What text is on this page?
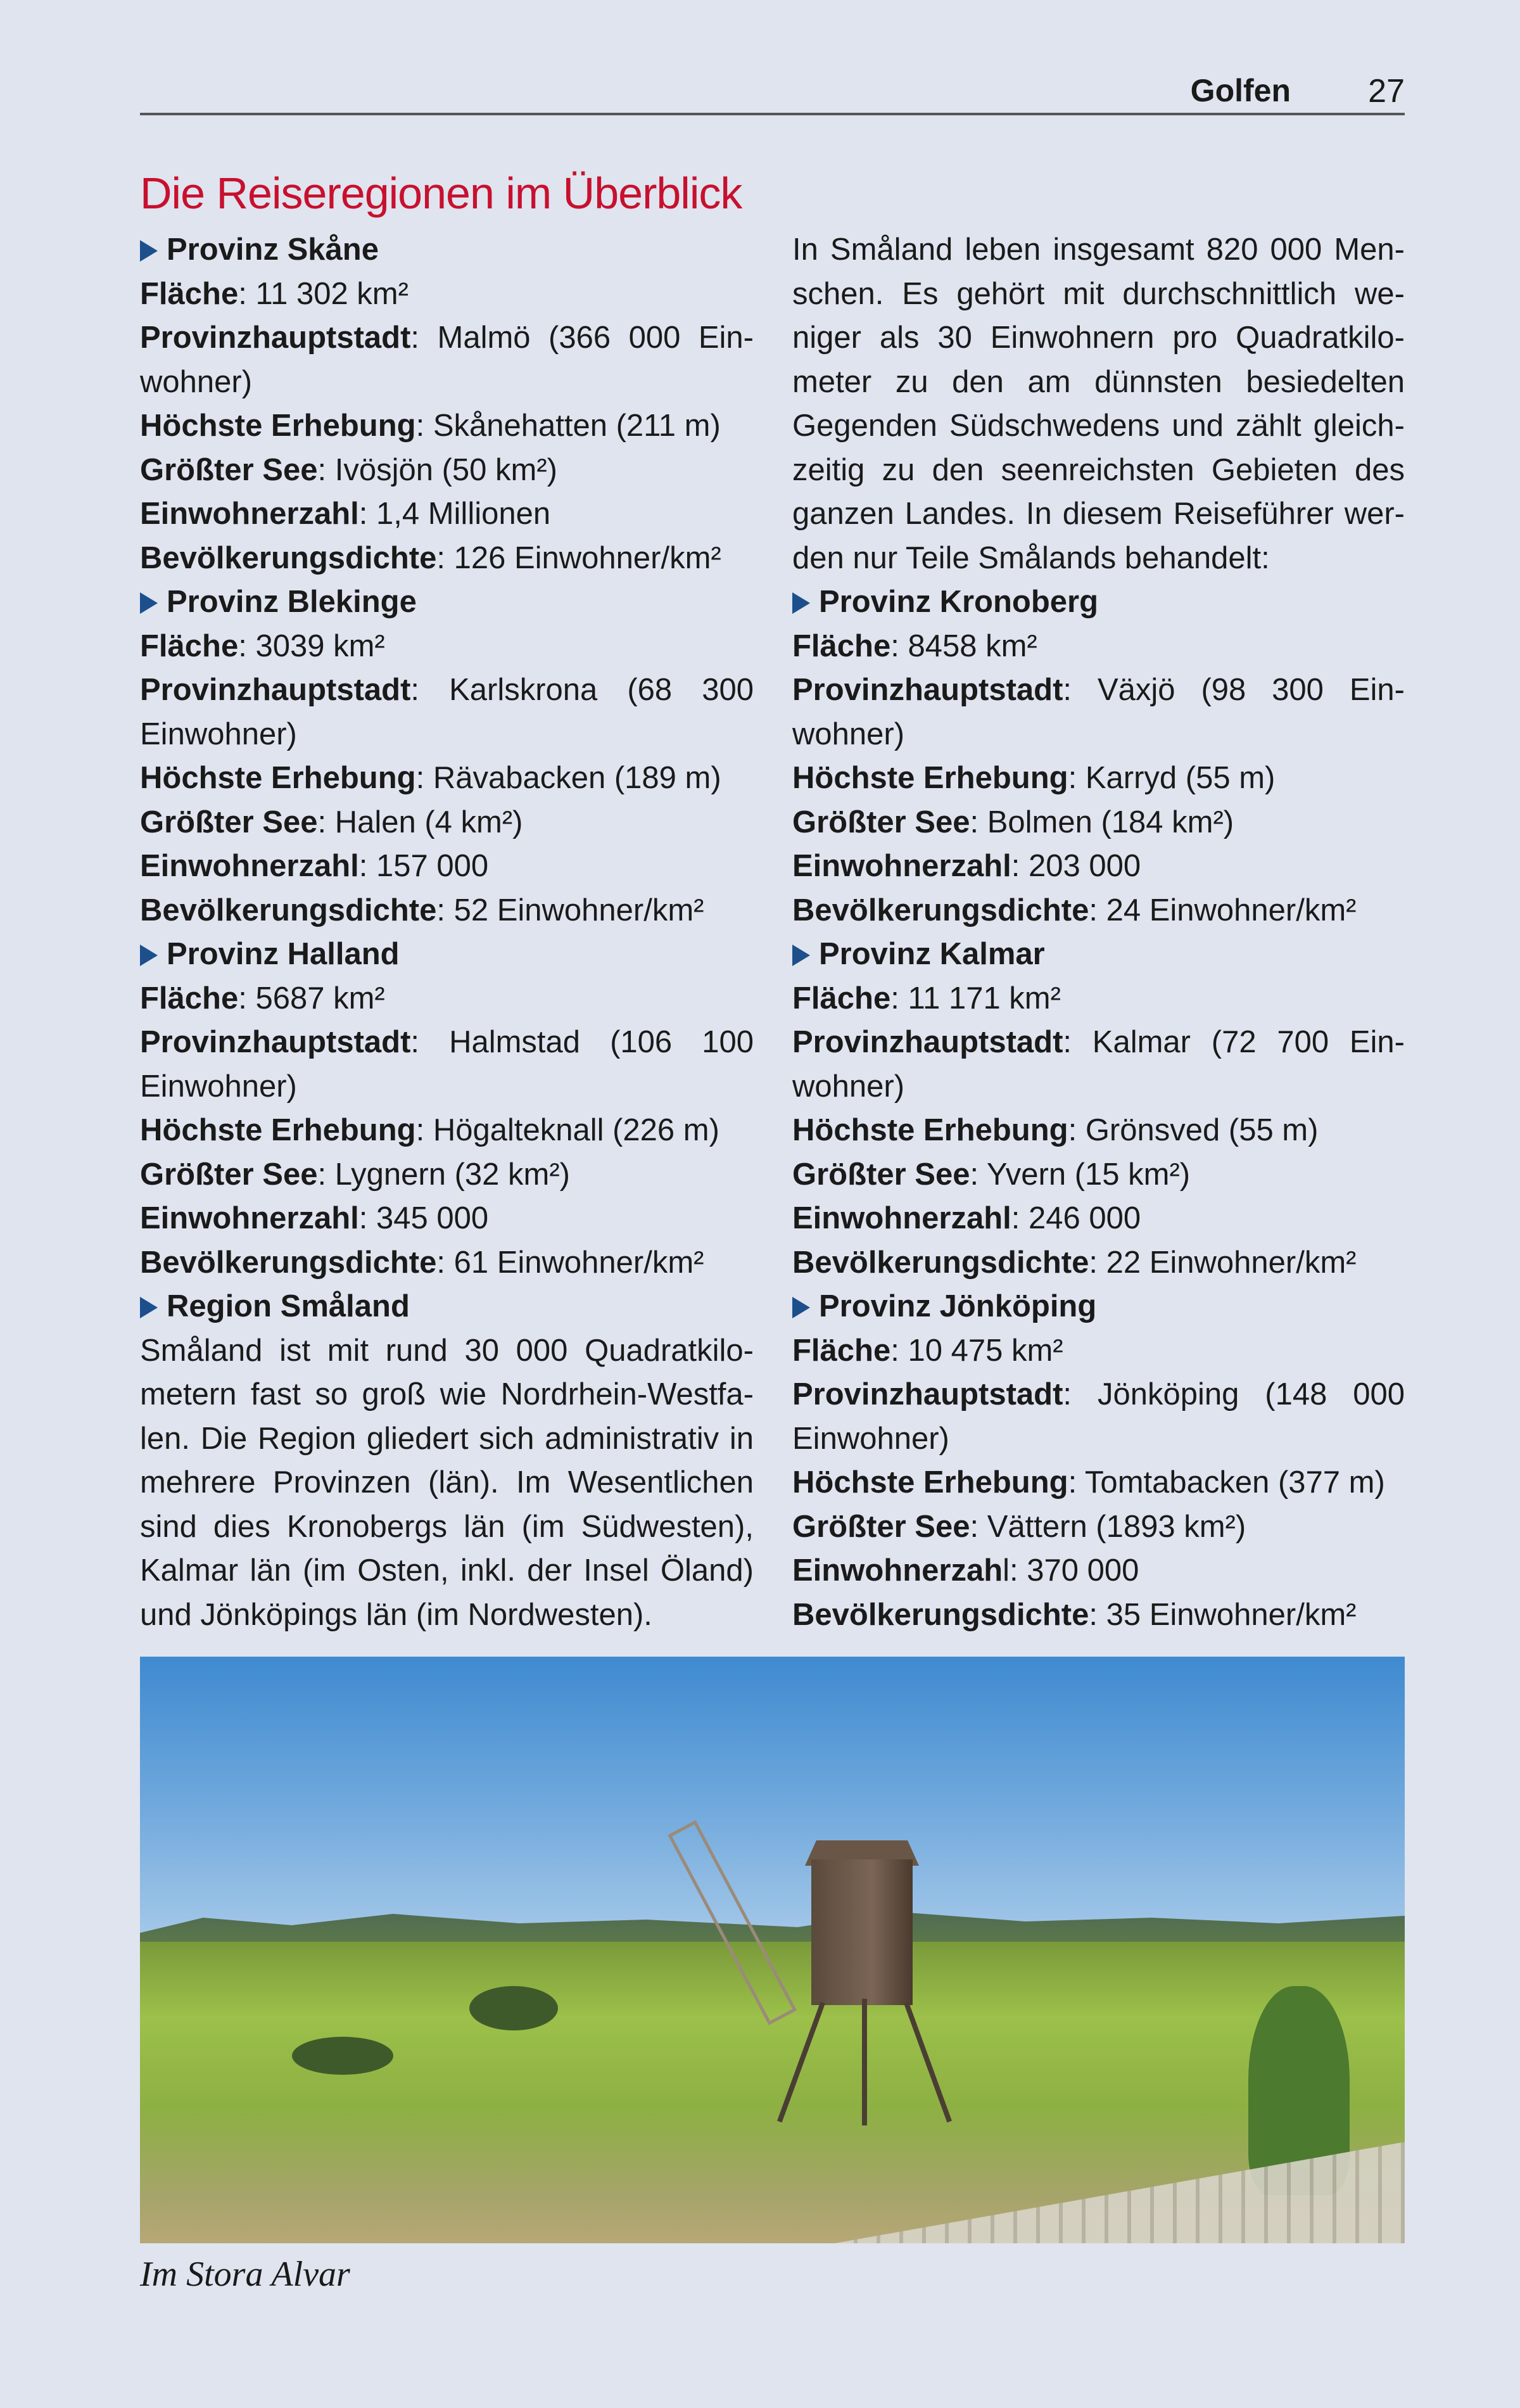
Golfen 27
Die Reiseregionen im Überblick
Provinz Skåne
Fläche: 11 302 km²
Provinzhauptstadt: Malmö (366 000 Ein-
wohner)
Höchste Erhebung: Skånehatten (211 m)
Größter See: Ivösjön (50 km²)
Einwohnerzahl: 1,4 Millionen
Bevölkerungsdichte: 126 Einwohner/km²
Provinz Blekinge
Fläche: 3039 km²
Provinzhauptstadt: Karlskrona (68 300
Einwohner)
Höchste Erhebung: Rävabacken (189 m)
Größter See: Halen (4 km²)
Einwohnerzahl: 157 000
Bevölkerungsdichte: 52 Einwohner/km²
Provinz Halland
Fläche: 5687 km²
Provinzhauptstadt: Halmstad (106 100
Einwohner)
Höchste Erhebung: Högalteknall (226 m)
Größter See: Lygnern (32 km²)
Einwohnerzahl: 345 000
Bevölkerungsdichte: 61 Einwohner/km²
Region Småland
Småland ist mit rund 30 000 Quadratkilo-
metern fast so groß wie Nordrhein-Westfa-
len. Die Region gliedert sich administrativ in
mehrere Provinzen (län). Im Wesentlichen
sind dies Kronobergs län (im Südwesten),
Kalmar län (im Osten, inkl. der Insel Öland)
und Jönköpings län (im Nordwesten).
In Småland leben insgesamt 820 000 Men-
schen. Es gehört mit durchschnittlich we-
niger als 30 Einwohnern pro Quadratkilo-
meter zu den am dünnsten besiedelten
Gegenden Südschwedens und zählt gleich-
zeitig zu den seenreichsten Gebieten des
ganzen Landes. In diesem Reiseführer wer-
den nur Teile Smålands behandelt:
Provinz Kronoberg
Fläche: 8458 km²
Provinzhauptstadt: Växjö (98 300 Ein-
wohner)
Höchste Erhebung: Karryd (55 m)
Größter See: Bolmen (184 km²)
Einwohnerzahl: 203 000
Bevölkerungsdichte: 24 Einwohner/km²
Provinz Kalmar
Fläche: 11 171 km²
Provinzhauptstadt: Kalmar (72 700 Ein-
wohner)
Höchste Erhebung: Grönsved (55 m)
Größter See: Yvern (15 km²)
Einwohnerzahl: 246 000
Bevölkerungsdichte: 22 Einwohner/km²
Provinz Jönköping
Fläche: 10 475 km²
Provinzhauptstadt: Jönköping (148 000
Einwohner)
Höchste Erhebung: Tomtabacken (377 m)
Größter See: Vättern (1893 km²)
Einwohnerzahl: 370 000
Bevölkerungsdichte: 35 Einwohner/km²
Im Stora Alvar
